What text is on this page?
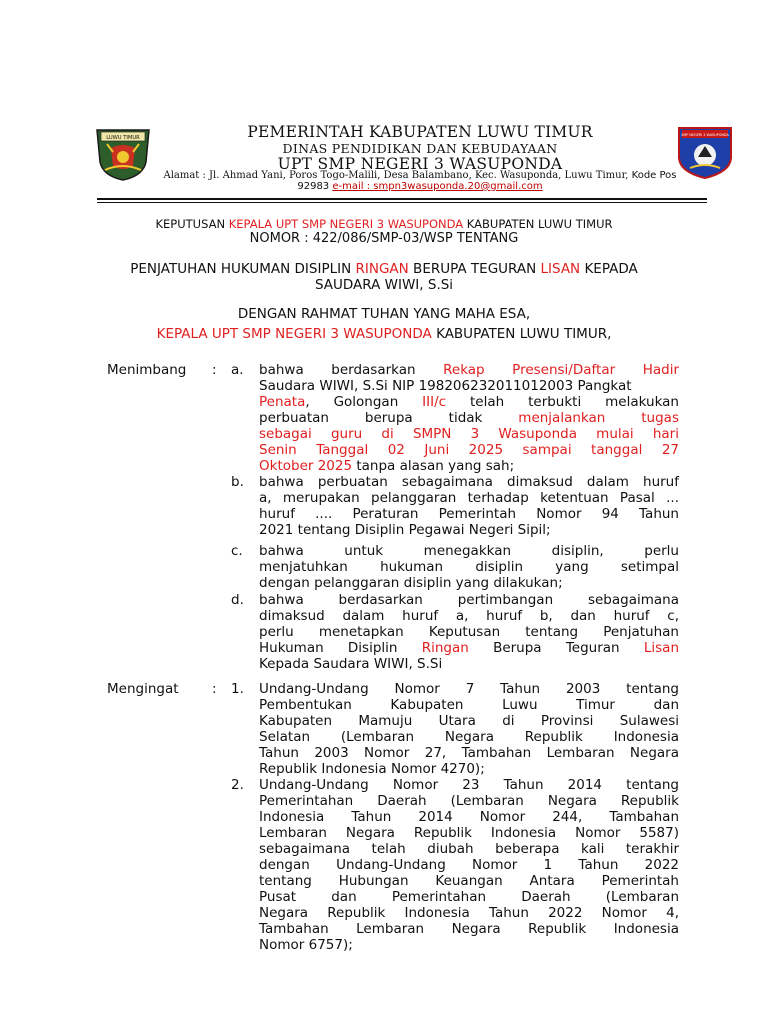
LUWU TIMUR	SMP NEGERI 3 WASUPONDA
PEMERINTAH KABUPATEN LUWU TIMUR
DINAS PENDIDIKAN DAN KEBUDAYAAN
UPT SMP NEGERI 3 WASUPONDA
Alamat : Jl. Ahmad Yani, Poros Togo-Malili, Desa Balambano, Kec. Wasuponda, Luwu Timur, Kode Pos
92983 e-mail : smpn3wasuponda.20@gmail.com
KEPUTUSAN KEPALA UPT SMP NEGERI 3 WASUPONDA KABUPATEN LUWU TIMUR
NOMOR : 422/086/SMP-03/WSP TENTANG
PENJATUHAN HUKUMAN DISIPLIN RINGAN BERUPA TEGURAN LISAN KEPADA
SAUDARA WIWI, S.Si
DENGAN RAHMAT TUHAN YANG MAHA ESA,
KEPALA UPT SMP NEGERI 3 WASUPONDA KABUPATEN LUWU TIMUR,
Menimbang : a. bahwa berdasarkan Rekap Presensi/Daftar Hadir
Saudara WIWI, S.Si NIP 198206232011012003 Pangkat
Penata, Golongan III/c telah terbukti melakukan
perbuatan berupa tidak menjalankan tugas
sebagai guru di SMPN 3 Wasuponda mulai hari
Senin Tanggal 02 Juni 2025 sampai tanggal 27
Oktober 2025 tanpa alasan yang sah;
b. bahwa perbuatan sebagaimana dimaksud dalam huruf
a, merupakan pelanggaran terhadap ketentuan Pasal ...
huruf .... Peraturan Pemerintah Nomor 94 Tahun
2021 tentang Disiplin Pegawai Negeri Sipil;
c. bahwa untuk menegakkan disiplin, perlu
menjatuhkan hukuman disiplin yang setimpal
dengan pelanggaran disiplin yang dilakukan;
d. bahwa berdasarkan pertimbangan sebagaimana
dimaksud dalam huruf a, huruf b, dan huruf c,
perlu menetapkan Keputusan tentang Penjatuhan
Hukuman Disiplin Ringan Berupa Teguran Lisan
Kepada Saudara WIWI, S.Si
Mengingat : 1. Undang-Undang Nomor 7 Tahun 2003 tentang
Pembentukan Kabupaten Luwu Timur dan
Kabupaten Mamuju Utara di Provinsi Sulawesi
Selatan (Lembaran Negara Republik Indonesia
Tahun 2003 Nomor 27, Tambahan Lembaran Negara
Republik Indonesia Nomor 4270);
2. Undang-Undang Nomor 23 Tahun 2014 tentang
Pemerintahan Daerah (Lembaran Negara Republik
Indonesia Tahun 2014 Nomor 244, Tambahan
Lembaran Negara Republik Indonesia Nomor 5587)
sebagaimana telah diubah beberapa kali terakhir
dengan Undang-Undang Nomor 1 Tahun 2022
tentang Hubungan Keuangan Antara Pemerintah
Pusat dan Pemerintahan Daerah (Lembaran
Negara Republik Indonesia Tahun 2022 Nomor 4,
Tambahan Lembaran Negara Republik Indonesia
Nomor 6757);
